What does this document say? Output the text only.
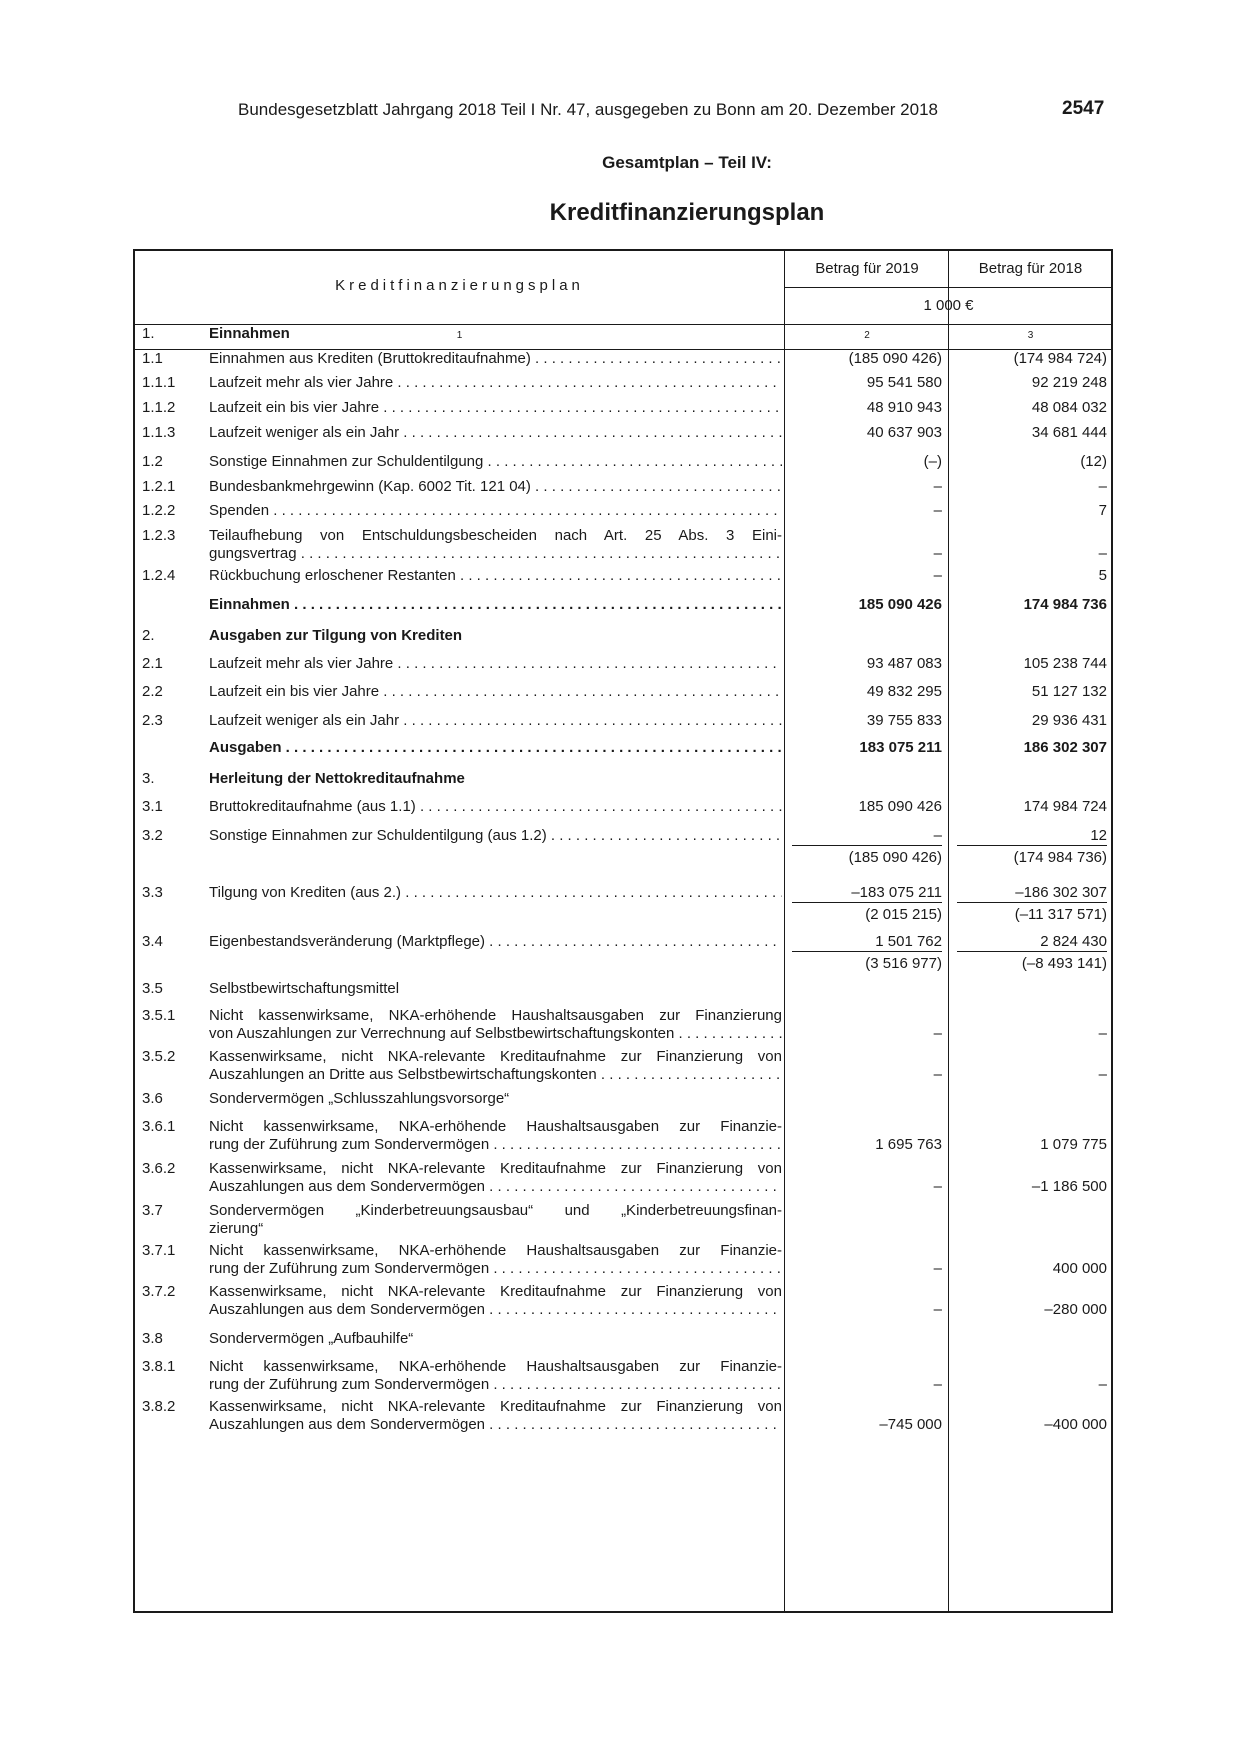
Bundesgesetzblatt Jahrgang 2018 Teil I Nr. 47, ausgegeben zu Bonn am 20. Dezember 2018	2547
Gesamtplan – Teil IV:
Kreditfinanzierungsplan
Kreditfinanzierungsplan
Betrag für 2019	Betrag für 2018
1 000 €
1	2	3
1.	Einnahmen
1.1	Einnahmen aus Krediten (Bruttokreditaufnahme) . . .	(185 090 426)	(174 984 724)
1.1.1 Laufzeit mehr als vier Jahre . . .	95 541 580	92 219 248
1.1.2 Laufzeit ein bis vier Jahre . . .	48 910 943	48 084 032
1.1.3 Laufzeit weniger als ein Jahr . . .	40 637 903	34 681 444
1.2	Sonstige Einnahmen zur Schuldentilgung . . .	(–)	(12)
1.2.1 Bundesbankmehrgewinn (Kap. 6002 Tit. 121 04) . . .	–	–
1.2.2 Spenden . . .	–	7
1.2.3 Teilaufhebung von Entschuldungsbescheiden nach Art. 25 Abs. 3 Eini-
gungsvertrag . . .	–	–
1.2.4 Rückbuchung erloschener Restanten . . .	–	5
Einnahmen . . .	185 090 426	174 984 736
2.	Ausgaben zur Tilgung von Krediten
2.1	Laufzeit mehr als vier Jahre . . .	93 487 083	105 238 744
2.2	Laufzeit ein bis vier Jahre . . .	49 832 295	51 127 132
2.3	Laufzeit weniger als ein Jahr . . .	39 755 833	29 936 431
Ausgaben . . .	183 075 211	186 302 307
3.	Herleitung der Nettokreditaufnahme
3.1	Bruttokreditaufnahme (aus 1.1) . . .	185 090 426	174 984 724
3.2	Sonstige Einnahmen zur Schuldentilgung (aus 1.2) . . .	–	12
(185 090 426)	(174 984 736)
3.3	Tilgung von Krediten (aus 2.) . . .	–183 075 211	–186 302 307
(2 015 215)	(–11 317 571)
3.4	Eigenbestandsveränderung (Marktpflege) . . .	1 501 762	2 824 430
(3 516 977)	(–8 493 141)
3.5	Selbstbewirtschaftungsmittel
3.5.1 Nicht kassenwirksame, NKA-erhöhende Haushaltsausgaben zur Finanzierung
von Auszahlungen zur Verrechnung auf Selbstbewirtschaftungskonten . . .	–	–
3.5.2 Kassenwirksame, nicht NKA-relevante Kreditaufnahme zur Finanzierung von
Auszahlungen an Dritte aus Selbstbewirtschaftungskonten . . .	–	–
3.6	Sondervermögen „Schlusszahlungsvorsorge“
3.6.1 Nicht kassenwirksame, NKA-erhöhende Haushaltsausgaben zur Finanzie-
rung der Zuführung zum Sondervermögen . . .	1 695 763	1 079 775
3.6.2 Kassenwirksame, nicht NKA-relevante Kreditaufnahme zur Finanzierung von
Auszahlungen aus dem Sondervermögen . . .	–	–1 186 500
3.7	Sondervermögen „Kinderbetreuungsausbau“ und „Kinderbetreuungsfinan-
zierung“
3.7.1 Nicht kassenwirksame, NKA-erhöhende Haushaltsausgaben zur Finanzie-
rung der Zuführung zum Sondervermögen . . .	–	400 000
3.7.2 Kassenwirksame, nicht NKA-relevante Kreditaufnahme zur Finanzierung von
Auszahlungen aus dem Sondervermögen . . .	–	–280 000
3.8	Sondervermögen „Aufbauhilfe“
3.8.1 Nicht kassenwirksame, NKA-erhöhende Haushaltsausgaben zur Finanzie-
rung der Zuführung zum Sondervermögen . . .	–	–
3.8.2 Kassenwirksame, nicht NKA-relevante Kreditaufnahme zur Finanzierung von
Auszahlungen aus dem Sondervermögen . . .	–745 000	–400 000
